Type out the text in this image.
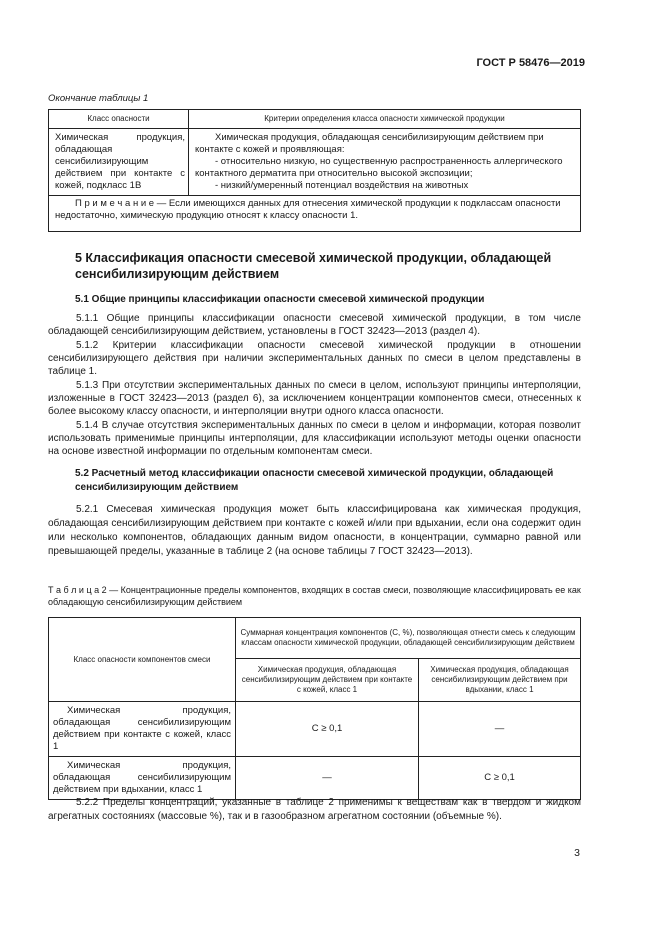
ГОСТ Р 58476—2019
Окончание таблицы 1
Класс опасности	Критерии определения класса опасности химической продукции
Химическая продукция, обладающая сенсибилизирующим действием при контакте с кожей, подкласс 1В	Химическая продукция, обладающая сенсибилизирующим действием при контакте с кожей и проявляющая:

- относительно низкую, но существенную распространенность аллергического контактного дерматита при относительно высокой экспозиции;

- низкий/умеренный потенциал воздействия на животных

П р и м е ч а н и е — Если имеющихся данных для отнесения химической продукции к подклассам опасности недостаточно, химическую продукцию относят к классу опасности 1.	
5 Классификация опасности смесевой химической продукции, обладающей сенсибилизирующим действием
5.1 Общие принципы классификации опасности смесевой химической продукции

5.1.1 Общие принципы классификации опасности смесевой химической продукции, в том числе обладающей сенсибилизирующим действием, установлены в ГОСТ 32423—2013 (раздел 4).

5.1.2 Критерии классификации опасности смесевой химической продукции в отношении сенсибилизирующего действия при наличии экспериментальных данных по смеси в целом представлены в таблице 1.

5.1.3 При отсутствии экспериментальных данных по смеси в целом, используют принципы интерполяции, изложенные в ГОСТ 32423—2013 (раздел 6), за исключением концентрации компонентов смеси, отнесенных к более высокому классу опасности, и интерполяции внутри одного класса опасности.

5.1.4 В случае отсутствия экспериментальных данных по смеси в целом и информации, которая позволит использовать применимые принципы интерполяции, для классификации используют методы оценки опасности на основе известной информации по отдельным компонентам смеси.

5.2 Расчетный метод классификации опасности смесевой химической продукции, обладающей сенсибилизирующим действием

5.2.1 Смесевая химическая продукция может быть классифицирована как химическая продукция, обладающая сенсибилизирующим действием при контакте с кожей и/или при вдыхании, если она содержит один или несколько компонентов, обладающих данным видом опасности, в концентрации, суммарно равной или превышающей пределы, указанные в таблице 2 (на основе таблицы 7 ГОСТ 32423—2013).

Т а б л и ц а 2 — Концентрационные пределы компонентов, входящих в состав смеси, позволяющие классифицировать ее как обладающую сенсибилизирующим действием
Класс опасности компонентов смеси	Суммарная концентрация компонентов (C, %), позволяющая отнести смесь к следующим классам опасности химической продукции, обладающей сенсибилизирующим действием	
	Химическая продукция, обладающая сенсибилизирующим действием при контакте с кожей, класс 1	Химическая продукция, обладающая сенсибилизирующим действием при вдыхании, класс 1

Химическая продукция, обладающая сенсибилизирующим действием при контакте с кожей, класс 1	C ≥ 0,1	—

Химическая продукция, обладающая сенсибилизирующим действием при вдыхании, класс 1	—	C ≥ 0,1

5.2.2 Пределы концентраций, указанные в таблице 2 применимы к веществам как в твердом и жидком агрегатных состояниях (массовые %), так и в газообразном агрегатном состоянии (объемные %).

3
